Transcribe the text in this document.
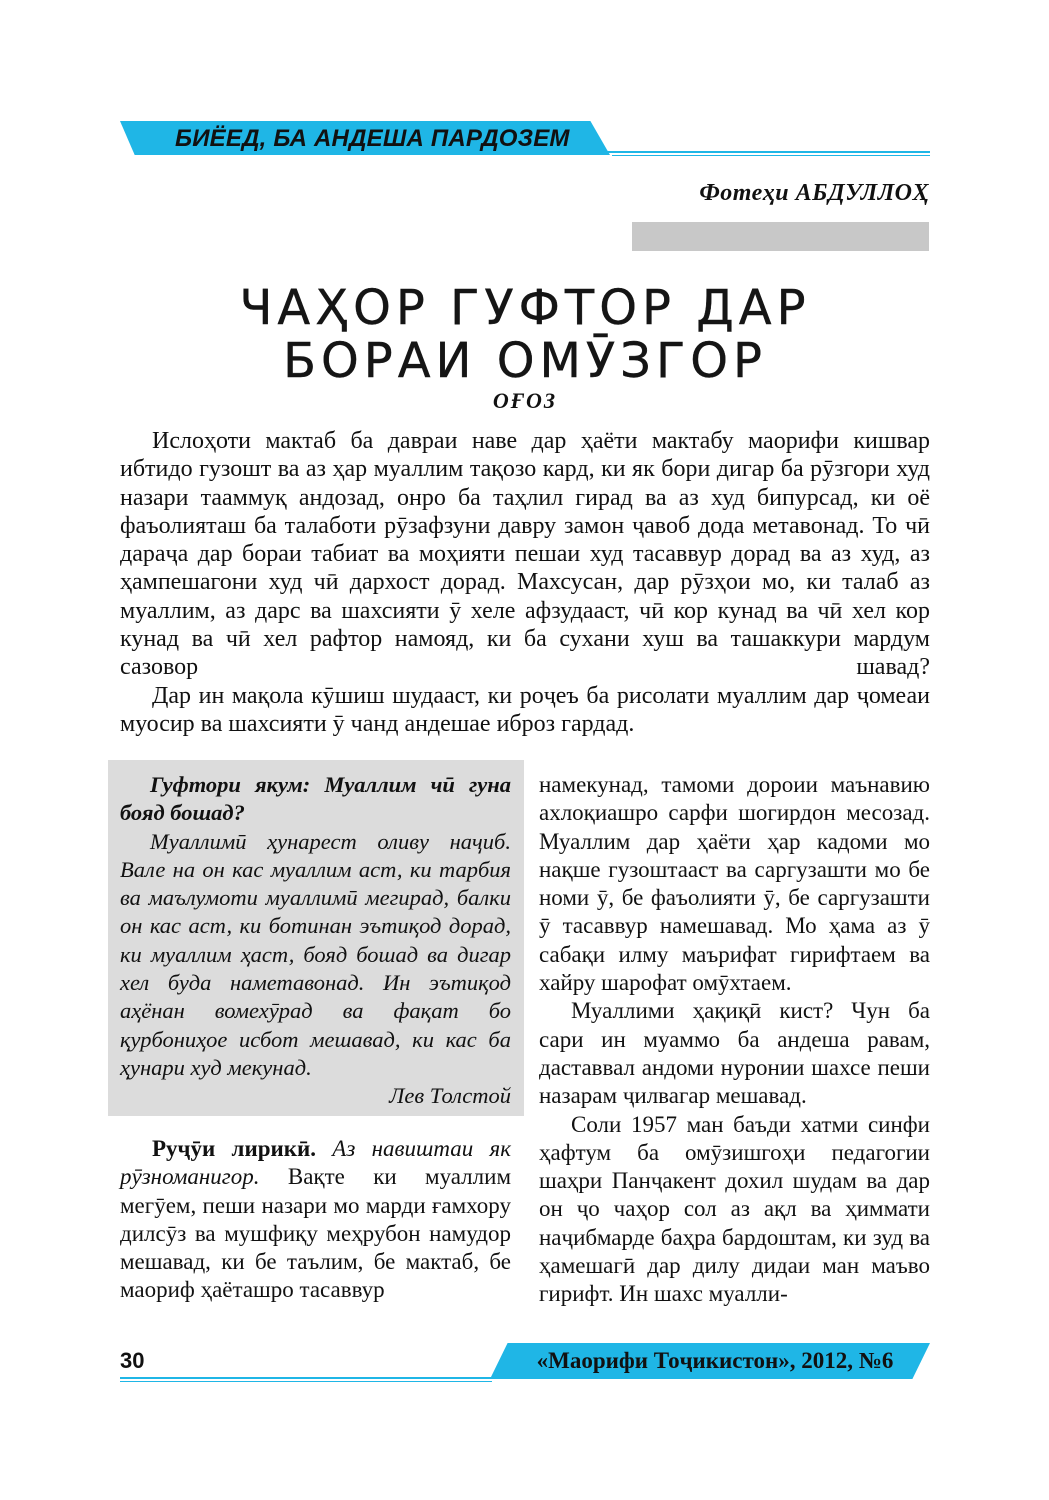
БИЁЕД, БА АНДЕША ПАРДОЗЕМ
Фотеҳи АБДУЛЛОҲ
ЧАҲОР ГУФТОР ДАР
БОРАИ ОМӮЗГОР
ОҒОЗ

Ислоҳоти мактаб ба давраи наве дар ҳаёти мактабу маорифи кишвар ибтидо гузошт ва аз ҳар муаллим тақозо кард, ки як бори дигар ба рӯзгори худ назари тааммуқ андозад, онро ба таҳлил гирад ва аз худ бипурсад, ки оё фаъолияташ ба талаботи рӯзафзуни давру замон ҷавоб дода метавонад. То чӣ дараҷа дар бораи табиат ва моҳияти пешаи худ тасаввур дорад ва аз худ, аз ҳампешагони худ чӣ дархост дорад. Махсусан, дар рӯзҳои мо, ки талаб аз муаллим, аз дарс ва шахсияти ӯ хеле афзудааст, чӣ кор кунад ва чӣ хел кор кунад ва чӣ хел рафтор намояд, ки ба сухани хуш ва ташаккури мардум сазовор шавад?

Дар ин мақола кӯшиш шудааст, ки роҷеъ ба рисолати муаллим дар ҷомеаи муосир ва шахсияти ӯ чанд андешае иброз гардад.

Гуфтори якум: Муаллим чӣ гуна бояд бошад?
Муаллимӣ ҳунарест оливу наҷиб. Вале на он кас муаллим аст, ки тарбия ва маълумоти муаллимӣ мегирад, балки он кас аст, ки ботинан эътиқод дорад, ки муаллим ҳаст, бояд бошад ва дигар хел буда наметавонад. Ин эътиқод аҳёнан вомехӯрад ва фақат бо қурбониҳое исбот мешавад, ки кас ба ҳунари худ мекунад.
Лев Толстой

Руҷӯи лирикӣ. Аз навиштаи як рӯзноманигор. Вақте ки муаллим мегӯем, пеши назари мо марди ғамхору дилсӯз ва мушфиқу меҳрубон намудор мешавад, ки бе таълим, бе мактаб, бе маориф ҳаёташро тасаввур

намекунад, тамоми дороии маънавию ахлоқиашро сарфи шогирдон месозад. Муаллим дар ҳаёти ҳар кадоми мо нақше гузоштааст ва саргузашти мо бе номи ӯ, бе фаъолияти ӯ, бе саргузашти ӯ тасаввур намешавад. Мо ҳама аз ӯ сабақи илму маърифат гирифтаем ва хайру шарофат омӯхтаем.

Муаллими ҳақиқӣ кист? Чун ба сари ин муаммо ба андеша равам, даставвал андоми нуронии шахсе пеши назарам ҷилвагар мешавад.

Соли 1957 ман баъди хатми синфи ҳафтум ба омӯзишгоҳи педагогии шаҳри Панҷакент дохил шудам ва дар он ҷо чаҳор сол аз ақл ва ҳиммати наҷибмарде баҳра бардоштам, ки зуд ва ҳамешагӣ дар дилу дидаи ман маъво гирифт. Ин шахс муалли-

30	«Маорифи Тоҷикистон», 2012, №6
